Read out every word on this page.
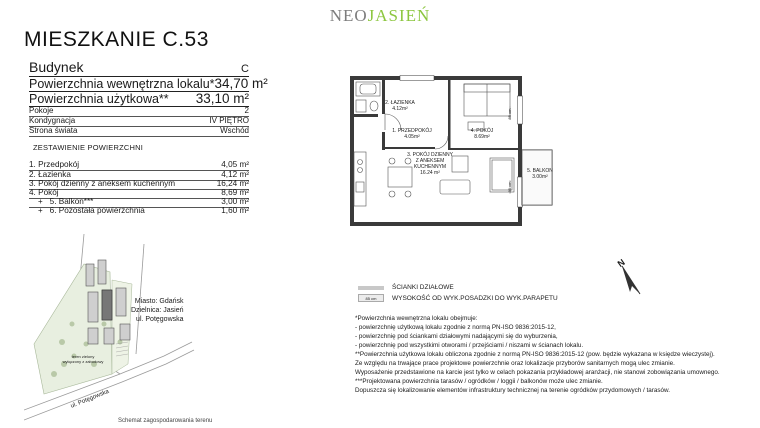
NEOJASIEŃ
MIESZKANIE C.53
Budynek	C
Powierzchnia wewnętrzna lokalu* 34,70 m²
Powierzchnia użytkowa** 33,10 m²
Pokoje	2
Kondygnacja	IV PIĘTRO
Strona świata	Wschód
ZESTAWIENIE POWIERZCHNI
1. Przedpokój	4,05 m²
2. Łazienka	4,12 m²
3. Pokój dzienny z aneksem kuchennym	16,24 m²
4. Pokój	8,69 m²
+ 5. Balkon***	3,00 m²
+ 6. Pozostała powierzchnia	1,60 m²
2. ŁAZIENKA
4.12m²
1. PRZEDPOKÓJ
4.05m²
4. POKÓJ
8.69m²
3. POKÓJ DZIENNY
Z ANEKSEM
KUCHENNYM
16.24 m²	5. BALKON
3.00m²
85 cm
85 cm
N
ŚCIANKI DZIAŁOWE
85 cm	WYSOKOŚĆ OD WYK.POSADZKI DO WYK.PARAPETU
*Powierzchnia wewnętrzna lokalu obejmuje:
- powierzchnię użytkową lokalu zgodnie z normą PN-ISO 9836:2015-12,
- powierzchnię pod ściankami działowymi nadającymi się do wyburzenia,
- powierzchnię pod wszystkimi otworami / przejściami / niszami w ścianach lokalu.
**Powierzchnia użytkowa lokalu obliczona zgodnie z normą PN-ISO 9836:2015-12 (pow. będzie wykazana w księdze wieczystej).
Ze względu na trwające prace projektowe powierzchnie oraz lokalizacje przyborów sanitarnych mogą ulec zmianie.
Wyposażenie przedstawione na karcie jest tylko w celach pokazania przykładowej aranżacji, nie stanowi zobowiązania umownego.
***Projektowana powierzchnia tarasów / ogródków / loggii / balkonów może ulec zmianie.
Dopuszcza się lokalizowanie elementów infrastruktury technicznej na terenie ogródków przydomowych / tarasów.
Miasto: Gdańsk
Dzielnica: Jasień
ul. Potęgowska
teren zielony
wyłączony z zabudowy
ul. Potęgowska
Schemat zagospodarowania terenu
